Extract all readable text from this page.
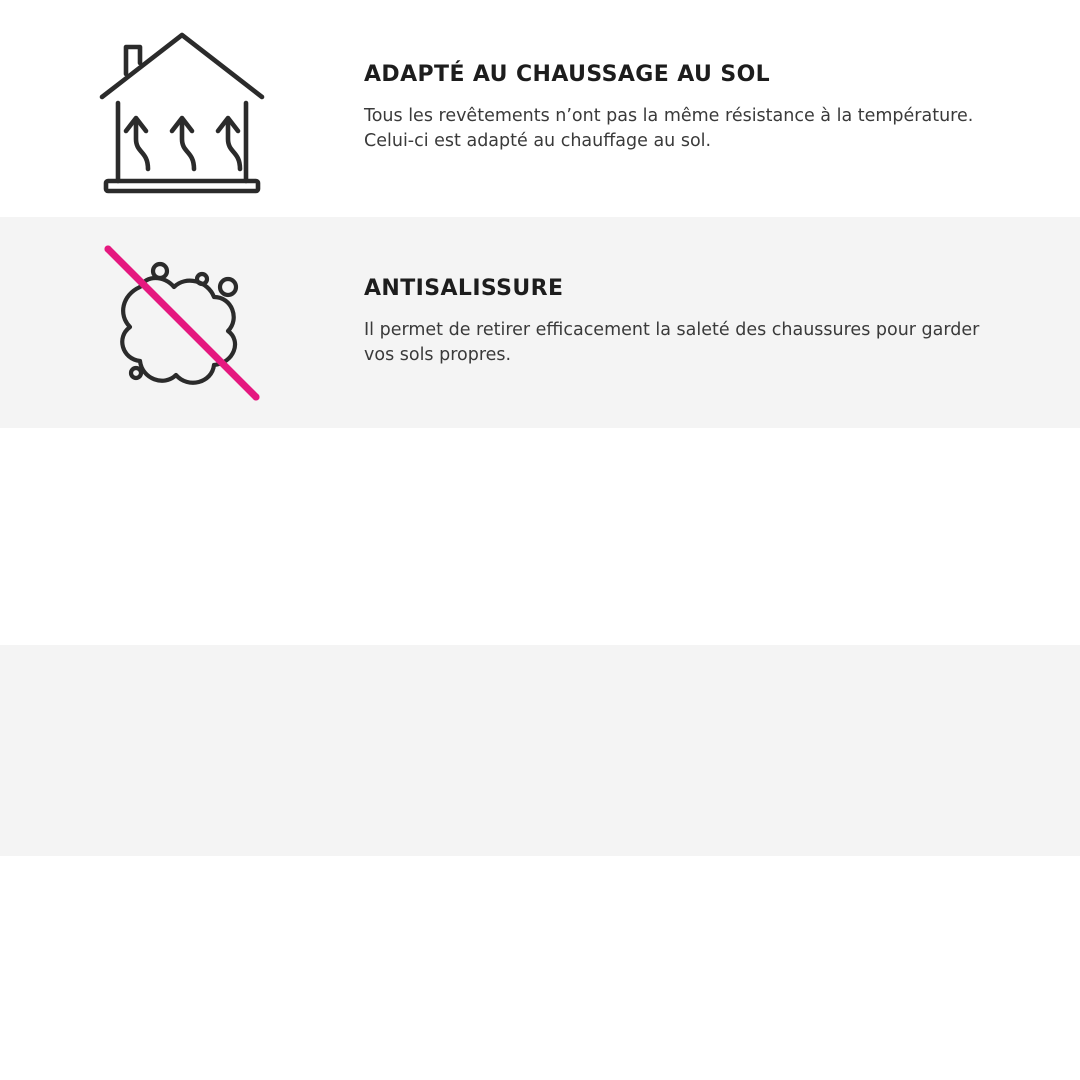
ADAPTÉ AU CHAUSSAGE AU SOL

Tous les revêtements n’ont pas la même résistance à la température. Celui-ci est adapté au chauffage au sol.

ANTISALISSURE

Il permet de retirer efficacement la saleté des chaussures pour garder vos sols propres.
